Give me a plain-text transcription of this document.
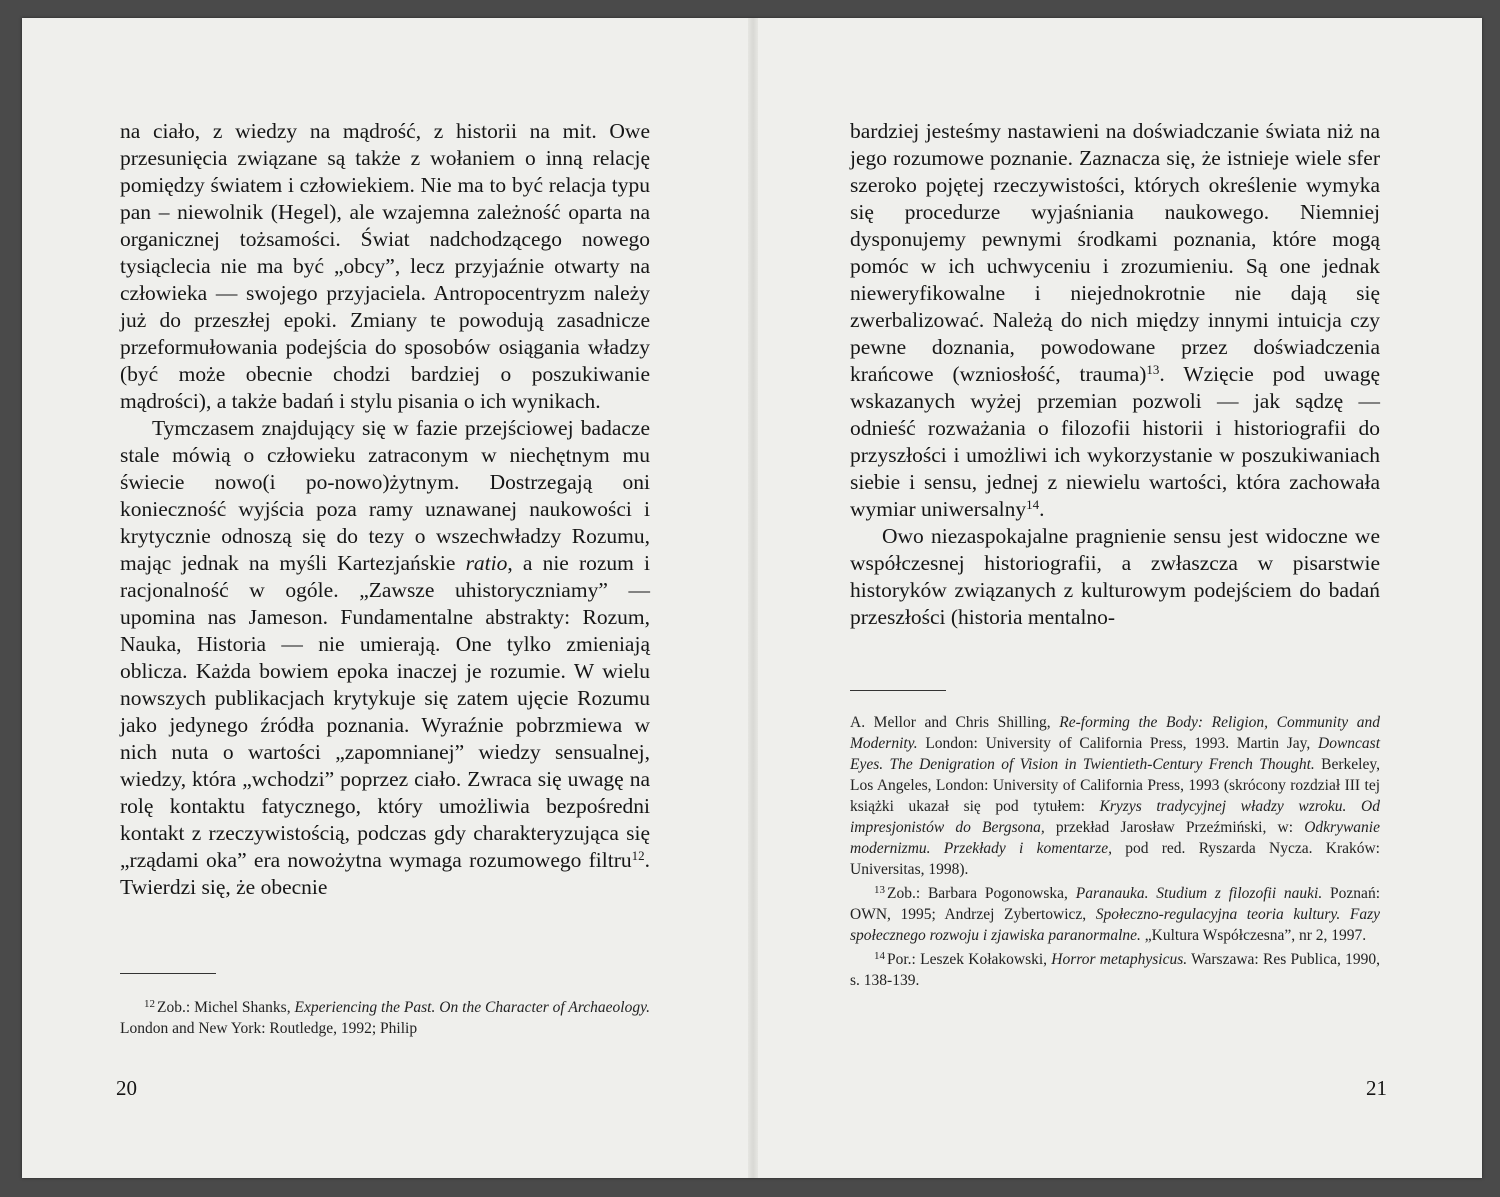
na ciało, z wiedzy na mądrość, z historii na mit. Owe przesunięcia związane są także z wołaniem o inną relację pomiędzy światem i człowiekiem. Nie ma to być relacja typu pan – niewolnik (Hegel), ale wzajemna zależność oparta na organicznej tożsamości. Świat nadchodzącego nowego tysiąclecia nie ma być „obcy”, lecz przyjaźnie otwarty na człowieka — swojego przyjaciela. Antropocentryzm należy już do przeszłej epoki. Zmiany te powodują zasadnicze przeformułowania podejścia do sposobów osiągania władzy (być może obecnie chodzi bardziej o poszukiwanie mądrości), a także badań i stylu pisania o ich wynikach.

Tymczasem znajdujący się w fazie przejściowej badacze stale mówią o człowieku zatraconym w niechętnym mu świecie nowo(i po-nowo)żytnym. Dostrzegają oni konieczność wyjścia poza ramy uznawanej naukowości i krytycznie odnoszą się do tezy o wszechwładzy Rozumu, mając jednak na myśli Kartezjańskie ratio, a nie rozum i racjonalność w ogóle. „Zawsze uhistoryczniamy” — upomina nas Jameson. Fundamentalne abstrakty: Rozum, Nauka, Historia — nie umierają. One tylko zmieniają oblicza. Każda bowiem epoka inaczej je rozumie. W wielu nowszych publikacjach krytykuje się zatem ujęcie Rozumu jako jedynego źródła poznania. Wyraźnie pobrzmiewa w nich nuta o wartości „zapomnianej” wiedzy sensualnej, wiedzy, która „wchodzi” poprzez ciało. Zwraca się uwagę na rolę kontaktu fatycznego, który umożliwia bezpośredni kontakt z rzeczywistością, podczas gdy charakteryzująca się „rządami oka” era nowożytna wymaga rozumowego filtru$^{12}$. Twierdzi się, że obecnie

$^{12}$ Zob.: Michel Shanks, Experiencing the Past. On the Character of Archaeology. London and New York: Routledge, 1992; Philip

20

bardziej jesteśmy nastawieni na doświadczanie świata niż na jego rozumowe poznanie. Zaznacza się, że istnieje wiele sfer szeroko pojętej rzeczywistości, których określenie wymyka się procedurze wyjaśniania naukowego. Niemniej dysponujemy pewnymi środkami poznania, które mogą pomóc w ich uchwyceniu i zrozumieniu. Są one jednak nieweryfikowalne i niejednokrotnie nie dają się zwerbalizować. Należą do nich między innymi intuicja czy pewne doznania, powodowane przez doświadczenia krańcowe (wzniosłość, trauma)$^{13}$. Wzięcie pod uwagę wskazanych wyżej przemian pozwoli — jak sądzę — odnieść rozważania o filozofii historii i historiografii do przyszłości i umożliwi ich wykorzystanie w poszukiwaniach siebie i sensu, jednej z niewielu wartości, która zachowała wymiar uniwersalny$^{14}$.

Owo niezaspokajalne pragnienie sensu jest widoczne we współczesnej historiografii, a zwłaszcza w pisarstwie historyków związanych z kulturowym podejściem do badań przeszłości (historia mentalno-

A. Mellor and Chris Shilling, Re-forming the Body: Religion, Community and Modernity. London: University of California Press, 1993. Martin Jay, Downcast Eyes. The Denigration of Vision in Twientieth-Century French Thought. Berkeley, Los Angeles, London: University of California Press, 1993 (skrócony rozdział III tej książki ukazał się pod tytułem: Kryzys tradycyjnej władzy wzroku. Od impresjonistów do Bergsona, przekład Jarosław Przeźmiński, w: Odkrywanie modernizmu. Przekłady i komentarze, pod red. Ryszarda Nycza. Kraków: Universitas, 1998).

$^{13}$ Zob.: Barbara Pogonowska, Paranauka. Studium z filozofii nauki. Poznań: OWN, 1995; Andrzej Zybertowicz, Społeczno-regulacyjna teoria kultury. Fazy społecznego rozwoju i zjawiska paranormalne. „Kultura Współczesna”, nr 2, 1997.

$^{14}$ Por.: Leszek Kołakowski, Horror metaphysicus. Warszawa: Res Publica, 1990, s. 138-139.

21
